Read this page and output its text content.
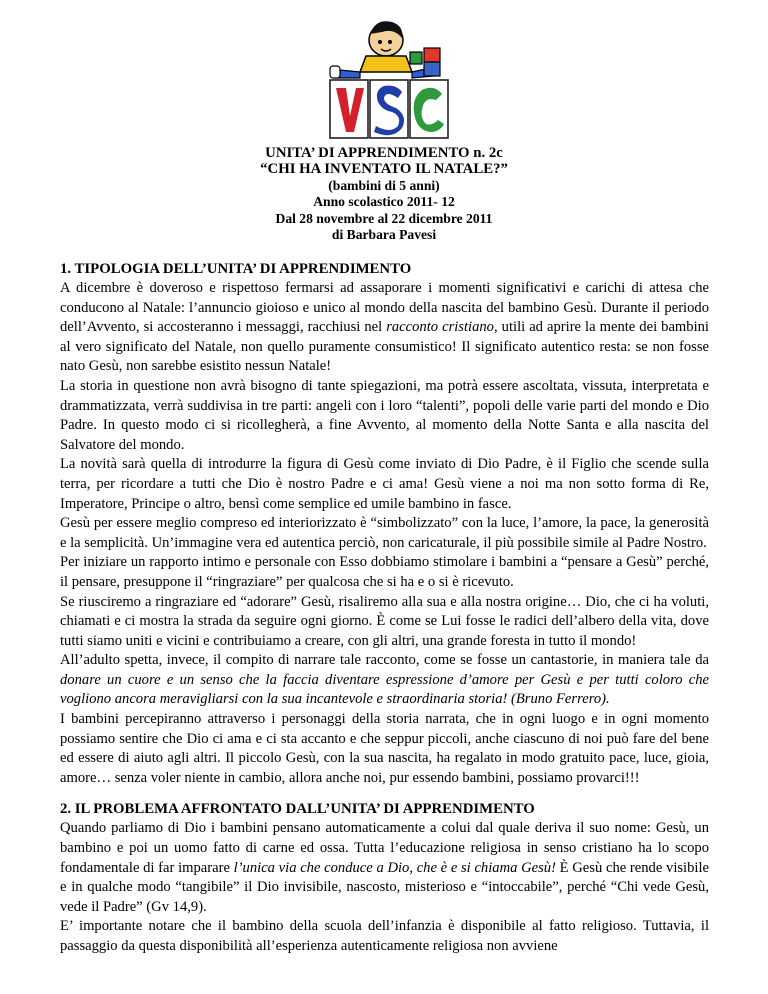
UNITA’ DI APPRENDIMENTO n. 2c
“CHI HA INVENTATO IL NATALE?”
(bambini di 5 anni)
Anno scolastico 2011- 12
Dal 28 novembre al 22 dicembre 2011
di Barbara Pavesi
1. TIPOLOGIA DELL’UNITA’ DI APPRENDIMENTO

A dicembre è doveroso e rispettoso fermarsi ad assaporare i momenti significativi e carichi di attesa che conducono al Natale: l’annuncio gioioso e unico al mondo della nascita del bambino Gesù. Durante il periodo dell’Avvento, si accosteranno i messaggi, racchiusi nel racconto cristiano, utili ad aprire la mente dei bambini al vero significato del Natale, non quello puramente consumistico! Il significato autentico resta: se non fosse nato Gesù, non sarebbe esistito nessun Natale!

La storia in questione non avrà bisogno di tante spiegazioni, ma potrà essere ascoltata, vissuta, interpretata e drammatizzata, verrà suddivisa in tre parti: angeli con i loro “talenti”, popoli delle varie parti del mondo e Dio Padre. In questo modo ci si ricollegherà, a fine Avvento, al momento della Notte Santa e alla nascita del Salvatore del mondo.

La novità sarà quella di introdurre la figura di Gesù come inviato di Dio Padre, è il Figlio che scende sulla terra, per ricordare a tutti che Dio è nostro Padre e ci ama! Gesù viene a noi ma non sotto forma di Re, Imperatore, Principe o altro, bensì come semplice ed umile bambino in fasce.

Gesù per essere meglio compreso ed interiorizzato è “simbolizzato” con la luce, l’amore, la pace, la generosità e la semplicità. Un’immagine vera ed autentica perciò, non caricaturale, il più possibile simile al Padre Nostro.

Per iniziare un rapporto intimo e personale con Esso dobbiamo stimolare i bambini a “pensare a Gesù” perché, il pensare, presuppone il “ringraziare” per qualcosa che si ha e o si è ricevuto.

Se riusciremo a ringraziare ed “adorare” Gesù, risaliremo alla sua e alla nostra origine… Dio, che ci ha voluti, chiamati e ci mostra la strada da seguire ogni giorno. È come se Lui fosse le radici dell’albero della vita, dove tutti siamo uniti e vicini e contribuiamo a creare, con gli altri, una grande foresta in tutto il mondo!

All’adulto spetta, invece, il compito di narrare tale racconto, come se fosse un cantastorie, in maniera tale da donare un cuore e un senso che la faccia diventare espressione d’amore per Gesù e per tutti coloro che vogliono ancora meravigliarsi con la sua incantevole e straordinaria storia! (Bruno Ferrero).

I bambini percepiranno attraverso i personaggi della storia narrata, che in ogni luogo e in ogni momento possiamo sentire che Dio ci ama e ci sta accanto e che seppur piccoli, anche ciascuno di noi può fare del bene ed essere di aiuto agli altri. Il piccolo Gesù, con la sua nascita, ha regalato in modo gratuito pace, luce, gioia, amore… senza voler niente in cambio, allora anche noi, pur essendo bambini, possiamo provarci!!!

2. IL PROBLEMA AFFRONTATO DALL’UNITA’ DI APPRENDIMENTO

Quando parliamo di Dio i bambini pensano automaticamente a colui dal quale deriva il suo nome: Gesù, un bambino e poi un uomo fatto di carne ed ossa. Tutta l’educazione religiosa in senso cristiano ha lo scopo fondamentale di far imparare l’unica via che conduce a Dio, che è e si chiama Gesù! È Gesù che rende visibile e in qualche modo “tangibile” il Dio invisibile, nascosto, misterioso e “intoccabile”, perché “Chi vede Gesù, vede il Padre” (Gv 14,9).

E’ importante notare che il bambino della scuola dell’infanzia è disponibile al fatto religioso. Tuttavia, il passaggio da questa disponibilità all’esperienza autenticamente religiosa non avviene
